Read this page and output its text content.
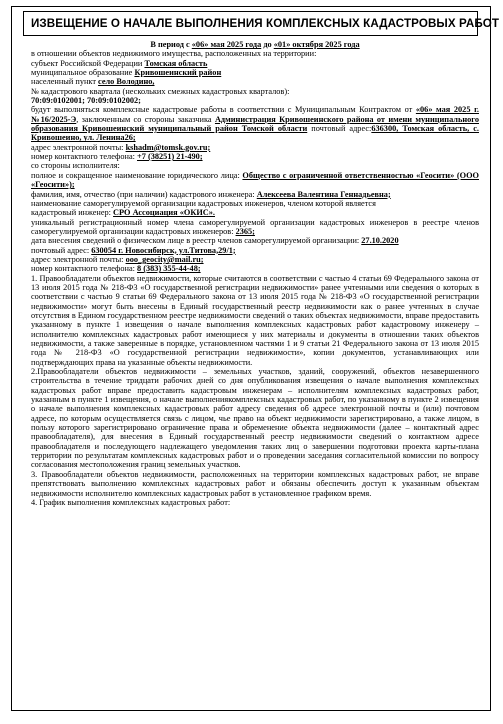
ИЗВЕЩЕНИЕ О НАЧАЛЕ ВЫПОЛНЕНИЯ КОМПЛЕКСНЫХ КАДАСТРОВЫХ РАБОТ

В период с «06» мая 2025 года до «01» октября 2025 года

в отношении объектов недвижимого имущества, расположенных на территории:

субъект Российской Федерации Томская область

муниципальное образование Кривошеинский район

населенный пункт село Володино,

№ кадастрового квартала (нескольких смежных кадастровых кварталов):

70:09:0102001; 70:09:0102002;

будут выполняться комплексные кадастровые работы в соответствии с Муниципальным Контрактом от «06» мая 2025 г. №16/2025-Э, заключенным со стороны заказчика Администрация Кривошеинского района от имени муниципального образования Кривошеинский муниципальный район Томской области почтовый адрес:636300, Томская область, с. Кривошеино, ул. Ленина26;

адрес электронной почты: kshadm@tomsk.gov.ru;

номер контактного телефона: +7 (38251) 21-490;

со стороны исполнителя:

полное и сокращенное наименование юридического лица: Общество с ограниченной ответственностью «Геосити» (ООО «Геосити»);

фамилия, имя, отчество (при наличии) кадастрового инженера: Алексеева Валентина Геннадьевна;

наименование саморегулируемой организации кадастровых инженеров, членом которой является

кадастровый инженер: СРО Ассоциация «ОКИС».

уникальный регистрационный номер члена саморегулируемой организации кадастровых инженеров в реестре членов саморегулируемой организации кадастровых инженеров: 2365;

дата внесения сведений о физическом лице в реестр членов саморегулируемой организации: 27.10.2020

почтовый адрес: 630054 г. Новосибирск, ул.Титова,29/1;

адрес электронной почты: ооо_geocity@mail.ru;

номер контактного телефона: 8 (383) 355-44-48;

1. Правообладатели объектов недвижимости, которые считаются в соответствии с частью 4 статьи 69 Федерального закона от 13 июля 2015 года № 218-Ф3 «О государственной регистрации недвижимости» ранее учтенными или сведения о которых в соответствии с частью 9 статьи 69 Федерального закона от 13 июля 2015 года № 218-Ф3 «О государственной регистрации недвижимости» могут быть внесены в Единый государственный реестр недвижимости как о ранее учтенных в случае отсутствия в Едином государственном реестре недвижимости сведений о таких объектах недвижимости, вправе предоставить указанному в пункте 1 извещения о начале выполнения комплексных кадастровых работ кадастровому инженеру – исполнителю комплексных кадастровых работ имеющиеся у них материалы и документы в отношении таких объектов недвижимости, а также заверенные в порядке, установленном частями 1 и 9 статьи 21 Федерального закона от 13 июля 2015 года № 218-Ф3 «О государственной регистрации недвижимости», копии документов, устанавливающих или подтверждающих права на указанные объекты недвижимости.

2.Правообладатели объектов недвижимости – земельных участков, зданий, сооружений, объектов незавершенного строительства в течение тридцати рабочих дней со дня опубликования извещения о начале выполнения комплексных кадастровых работ вправе предоставить кадастровым инженерам – исполнителям комплексных кадастровых работ, указанным в пункте 1 извещения, о начале выполнениякомплексных кадастровых работ, по указанному в пункте 2 извещения о начале выполнения комплексных кадастровых работ адресу сведения об адресе электронной почты и (или) почтовом адресе, по которым осуществляется связь с лицом, чье право на объект недвижимости зарегистрировано, а также лицом, в пользу которого зарегистрировано ограничение права и обременение объекта недвижимости (далее – контактный адрес правообладателя), для внесения в Единый государственный реестр недвижимости сведений о контактном адресе правообладателя и последующего надлежащего уведомления таких лиц о завершении подготовки проекта карты-плана территории по результатам комплексных кадастровых работ и о проведении заседания согласительной комиссии по вопросу согласования местоположения границ земельных участков.

3. Правообладатели объектов недвижимости, расположенных на территории комплексных кадастровых работ, не вправе препятствовать выполнению комплексных кадастровых работ и обязаны обеспечить доступ к указанным объектам недвижимости исполнителю комплексных кадастровых работ в установленное графиком время.

4. График выполнения комплексных кадастровых работ:
